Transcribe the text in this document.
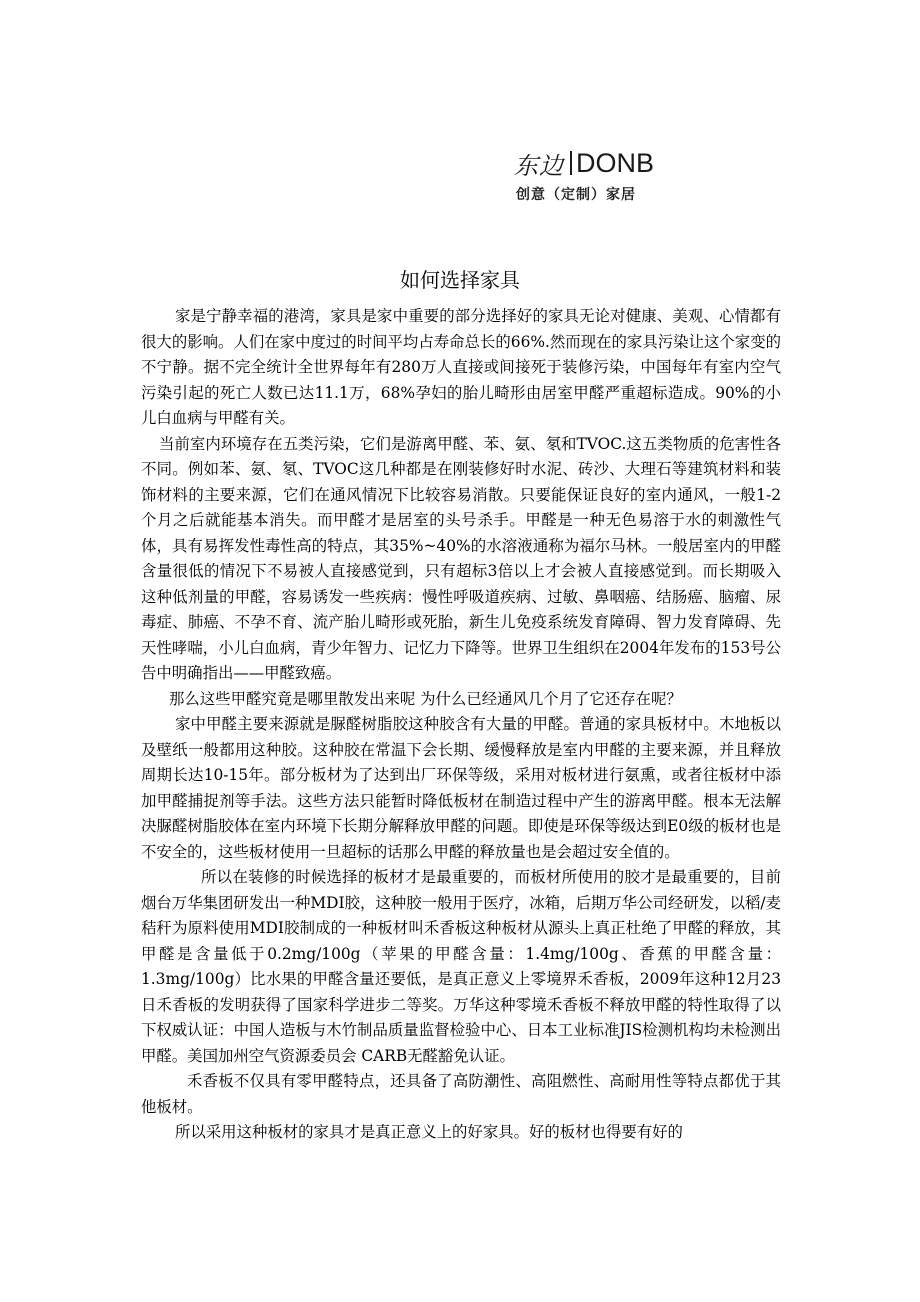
东边 DONB
创意（定制）家居
如何选择家具

家是宁静幸福的港湾，家具是家中重要的部分选择好的家具无论对健康、美观、心情都有很大的影响。人们在家中度过的时间平均占寿命总长的66%.然而现在的家具污染让这个家变的不宁静。据不完全统计全世界每年有280万人直接或间接死于装修污染，中国每年有室内空气污染引起的死亡人数已达11.1万，68%孕妇的胎儿畸形由居室甲醛严重超标造成。90%的小儿白血病与甲醛有关。

当前室内环境存在五类污染，它们是游离甲醛、苯、氨、氡和TVOC.这五类物质的危害性各不同。例如苯、氨、氡、TVOC这几种都是在刚装修好时水泥、砖沙、大理石等建筑材料和装饰材料的主要来源，它们在通风情况下比较容易消散。只要能保证良好的室内通风，一般1-2个月之后就能基本消失。而甲醛才是居室的头号杀手。甲醛是一种无色易溶于水的刺激性气体，具有易挥发性毒性高的特点，其35%~40%的水溶液通称为福尔马林。一般居室内的甲醛含量很低的情况下不易被人直接感觉到，只有超标3倍以上才会被人直接感觉到。而长期吸入这种低剂量的甲醛，容易诱发一些疾病：慢性呼吸道疾病、过敏、鼻咽癌、结肠癌、脑瘤、尿毒症、肺癌、不孕不育、流产胎儿畸形或死胎，新生儿免疫系统发育障碍、智力发育障碍、先天性哮喘，小儿白血病，青少年智力、记忆力下降等。世界卫生组织在2004年发布的153号公告中明确指出——甲醛致癌。

那么这些甲醛究竟是哪里散发出来呢 为什么已经通风几个月了它还存在呢？

家中甲醛主要来源就是脲醛树脂胶这种胶含有大量的甲醛。普通的家具板材中。木地板以及壁纸一般都用这种胶。这种胶在常温下会长期、缓慢释放是室内甲醛的主要来源，并且释放周期长达10-15年。部分板材为了达到出厂环保等级，采用对板材进行氨熏，或者往板材中添加甲醛捕捉剂等手法。这些方法只能暂时降低板材在制造过程中产生的游离甲醛。根本无法解决脲醛树脂胶体在室内环境下长期分解释放甲醛的问题。即使是环保等级达到E0级的板材也是不安全的，这些板材使用一旦超标的话那么甲醛的释放量也是会超过安全值的。

所以在装修的时候选择的板材才是最重要的，而板材所使用的胶才是最重要的，目前烟台万华集团研发出一种MDI胶，这种胶一般用于医疗，冰箱，后期万华公司经研发，以稻/麦秸秆为原料使用MDI胶制成的一种板材叫禾香板这种板材从源头上真正杜绝了甲醛的释放，其甲醛是含量低于0.2mg/100g（苹果的甲醛含量：1.4mg/100g、香蕉的甲醛含量：1.3mg/100g）比水果的甲醛含量还要低，是真正意义上零境界禾香板，2009年这种12月23日禾香板的发明获得了国家科学进步二等奖。万华这种零境禾香板不释放甲醛的特性取得了以下权威认证：中国人造板与木竹制品质量监督检验中心、日本工业标准JIS检测机构均未检测出甲醛。美国加州空气资源委员会 CARB无醛豁免认证。

禾香板不仅具有零甲醛特点，还具备了高防潮性、高阻燃性、高耐用性等特点都优于其他板材。

所以采用这种板材的家具才是真正意义上的好家具。好的板材也得要有好的
